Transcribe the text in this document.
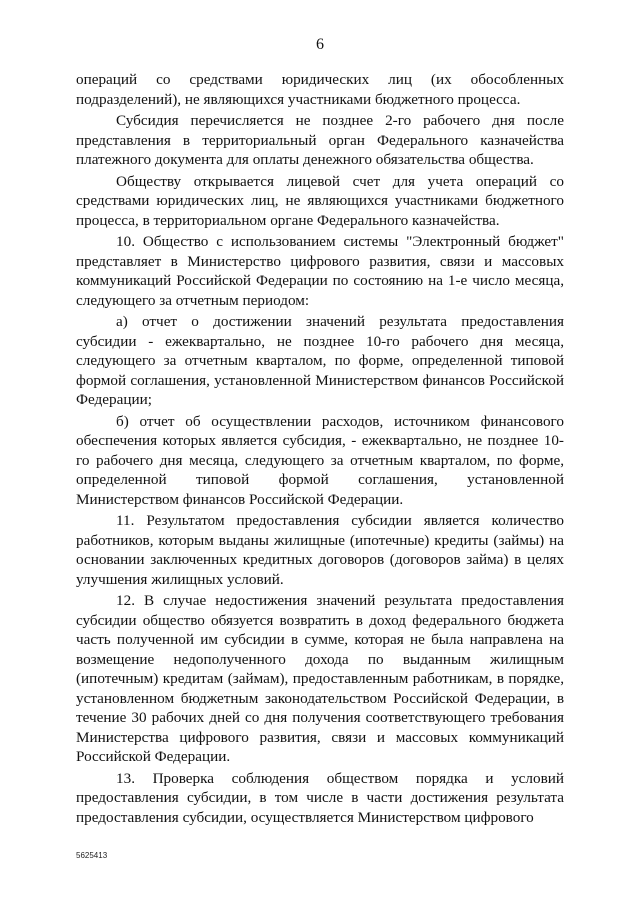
6

операций со средствами юридических лиц (их обособленных подразделений), не являющихся участниками бюджетного процесса.

Субсидия перечисляется не позднее 2-го рабочего дня после представления в территориальный орган Федерального казначейства платежного документа для оплаты денежного обязательства общества.

Обществу открывается лицевой счет для учета операций со средствами юридических лиц, не являющихся участниками бюджетного процесса, в территориальном органе Федерального казначейства.

10. Общество с использованием системы "Электронный бюджет" представляет в Министерство цифрового развития, связи и массовых коммуникаций Российской Федерации по состоянию на 1-е число месяца, следующего за отчетным периодом:

а) отчет о достижении значений результата предоставления субсидии - ежеквартально, не позднее 10-го рабочего дня месяца, следующего за отчетным кварталом, по форме, определенной типовой формой соглашения, установленной Министерством финансов Российской Федерации;

б) отчет об осуществлении расходов, источником финансового обеспечения которых является субсидия, - ежеквартально, не позднее 10-го рабочего дня месяца, следующего за отчетным кварталом, по форме, определенной типовой формой соглашения, установленной Министерством финансов Российской Федерации.

11. Результатом предоставления субсидии является количество работников, которым выданы жилищные (ипотечные) кредиты (займы) на основании заключенных кредитных договоров (договоров займа) в целях улучшения жилищных условий.

12. В случае недостижения значений результата предоставления субсидии общество обязуется возвратить в доход федерального бюджета часть полученной им субсидии в сумме, которая не была направлена на возмещение недополученного дохода по выданным жилищным (ипотечным) кредитам (займам), предоставленным работникам, в порядке, установленном бюджетным законодательством Российской Федерации, в течение 30 рабочих дней со дня получения соответствующего требования Министерства цифрового развития, связи и массовых коммуникаций Российской Федерации.

13. Проверка соблюдения обществом порядка и условий предоставления субсидии, в том числе в части достижения результата предоставления субсидии, осуществляется Министерством цифрового

5625413
